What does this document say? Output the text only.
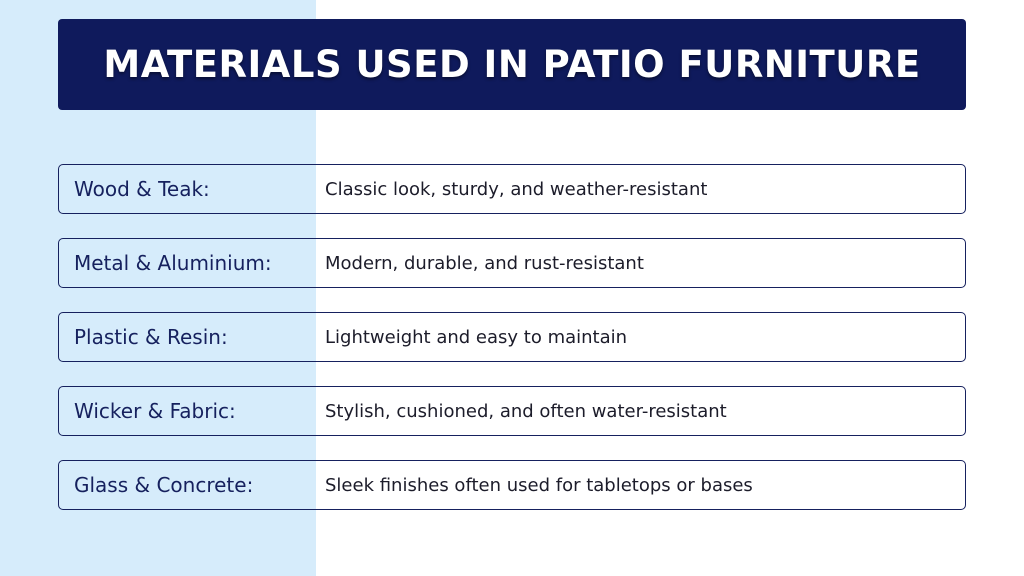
MATERIALS USED IN PATIO FURNITURE
Wood & Teak:	Classic look, sturdy, and weather-resistant
Metal & Aluminium:	Modern, durable, and rust-resistant
Plastic & Resin:	Lightweight and easy to maintain
Wicker & Fabric:	Stylish, cushioned, and often water-resistant
Glass & Concrete:	Sleek finishes often used for tabletops or bases
